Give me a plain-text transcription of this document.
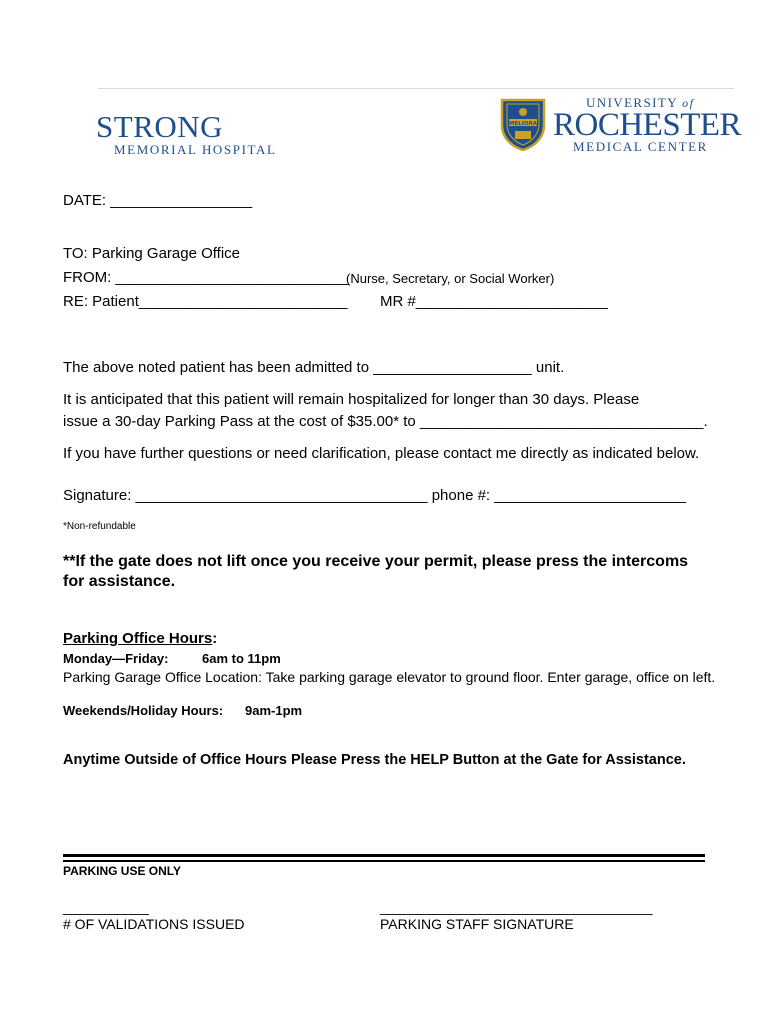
STRONG
MEMORIAL HOSPITAL
MELIORA
UNIVERSITY of
ROCHESTER
MEDICAL CENTER
DATE: _________________
TO: Parking Garage Office
FROM: ____________________________
(Nurse, Secretary, or Social Worker)
RE: Patient_________________________ MR #_______________________
The above noted patient has been admitted to ___________________ unit.
It is anticipated that this patient will remain hospitalized for longer than 30 days. Please
issue a 30-day Parking Pass at the cost of $35.00* to __________________________________.
If you have further questions or need clarification, please contact me directly as indicated below.
Signature: ___________________________________ phone #: _______________________
*Non-refundable
**If the gate does not lift once you receive your permit, please press the intercoms
for assistance.
Parking Office Hours:
Monday—Friday:	6am to 11pm
Parking Garage Office Location: Take parking garage elevator to ground floor. Enter garage, office on left.
Weekends/Holiday Hours: 9am-1pm
Anytime Outside of Office Hours Please Press the HELP Button at the Gate for Assistance.
PARKING USE ONLY
___________
# OF VALIDATIONS ISSUED
___________________________________
PARKING STAFF SIGNATURE
